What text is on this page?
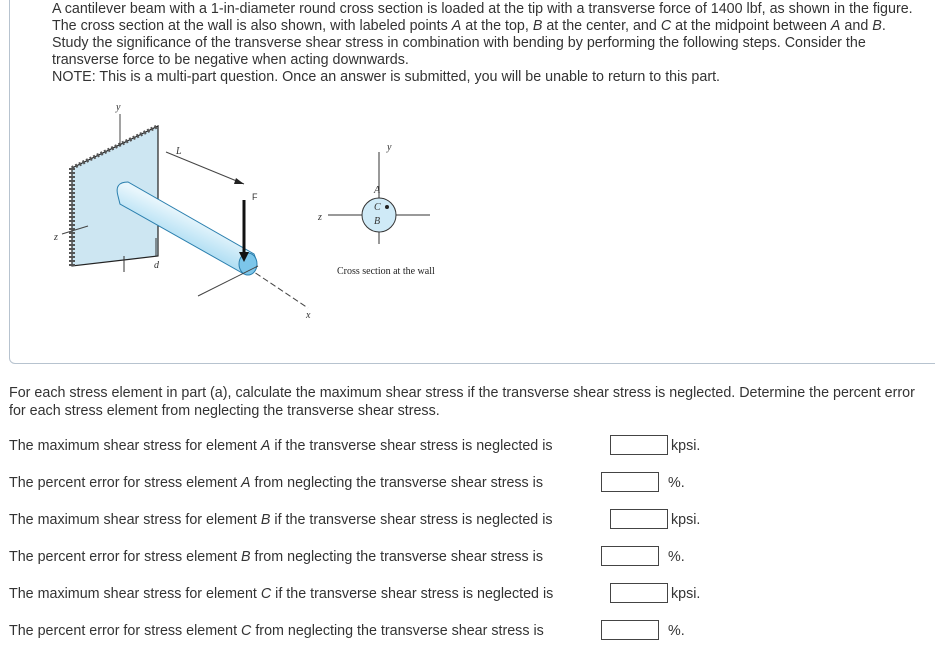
A cantilever beam with a 1-in-diameter round cross section is loaded at the tip with a transverse force of 1400 lbf, as shown in the figure. The cross section at the wall is also shown, with labeled points A at the top, B at the center, and C at the midpoint between A and B. Study the significance of the transverse shear stress in combination with bending by performing the following steps. Consider the transverse force to be negative when acting downwards.

NOTE: This is a multi-part question. Once an answer is submitted, you will be unable to return to this part.

y
L
F
z
d
x
y
z
A
C
B
Cross section at the wall
For each stress element in part (a), calculate the maximum shear stress if the transverse shear stress is neglected. Determine the percent error for each stress element from neglecting the transverse shear stress.
The maximum shear stress for element A if the transverse shear stress is neglected is	kpsi.
The percent error for stress element A from neglecting the transverse shear stress is	%.
The maximum shear stress for element B if the transverse shear stress is neglected is	kpsi.
The percent error for stress element B from neglecting the transverse shear stress is	%.
The maximum shear stress for element C if the transverse shear stress is neglected is	kpsi.
The percent error for stress element C from neglecting the transverse shear stress is	%.
